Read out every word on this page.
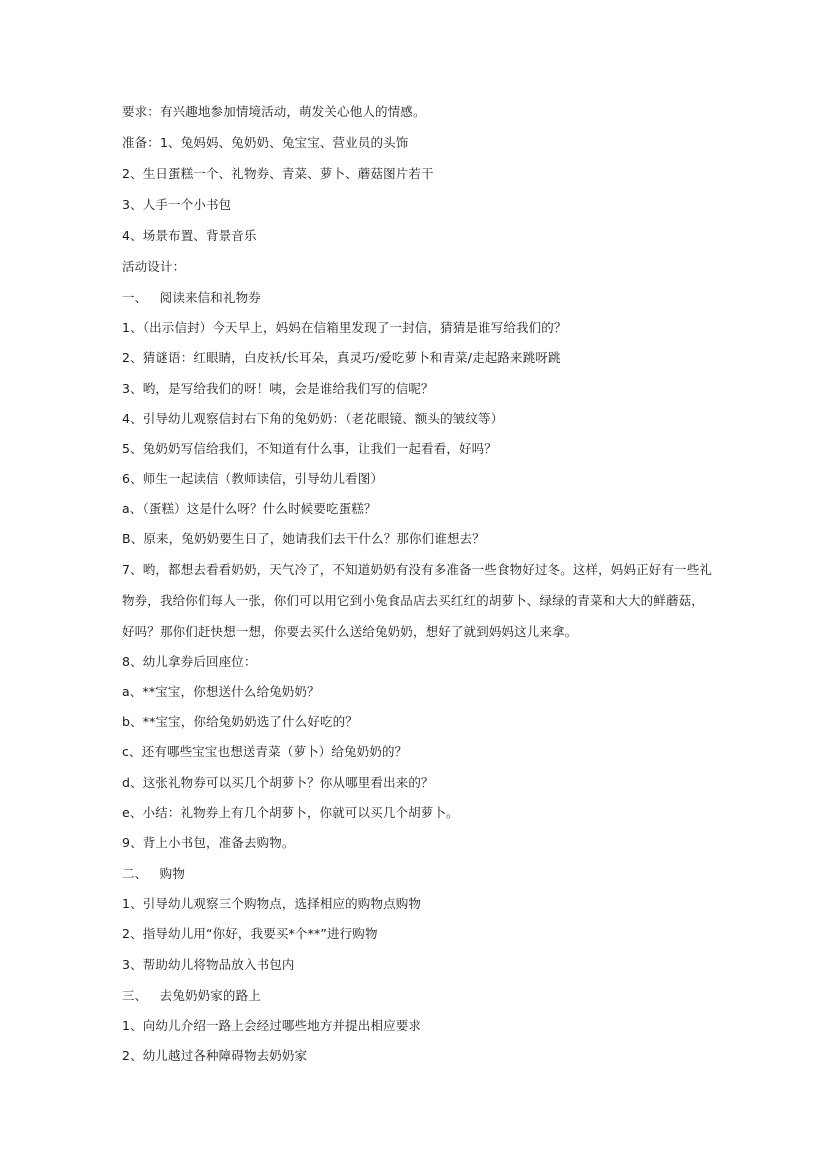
要求：有兴趣地参加情境活动，萌发关心他人的情感。
准备：1、兔妈妈、兔奶奶、兔宝宝、营业员的头饰
2、生日蛋糕一个、礼物券、青菜、萝卜、蘑菇图片若干
3、人手一个小书包
4、场景布置、背景音乐
活动设计：
一、   阅读来信和礼物券
1、（出示信封）今天早上，妈妈在信箱里发现了一封信，猜猜是谁写给我们的？
2、猜谜语：红眼睛，白皮袄/长耳朵，真灵巧/爱吃萝卜和青菜/走起路来跳呀跳
3、哟，是写给我们的呀！咦，会是谁给我们写的信呢？
4、引导幼儿观察信封右下角的兔奶奶：（老花眼镜、额头的皱纹等）
5、兔奶奶写信给我们，不知道有什么事，让我们一起看看，好吗？
6、师生一起读信（教师读信，引导幼儿看图）
a、（蛋糕）这是什么呀？什么时候要吃蛋糕？
B、原来，兔奶奶要生日了，她请我们去干什么？那你们谁想去？
7、哟，都想去看看奶奶，天气冷了，不知道奶奶有没有多准备一些食物好过冬。这样，妈妈正好有一些礼
物券，我给你们每人一张，你们可以用它到小兔食品店去买红红的胡萝卜、绿绿的青菜和大大的鲜蘑菇，
好吗？那你们赶快想一想，你要去买什么送给兔奶奶，想好了就到妈妈这儿来拿。
8、幼儿拿券后回座位：
a、**宝宝，你想送什么给兔奶奶？
b、**宝宝，你给兔奶奶选了什么好吃的？
c、还有哪些宝宝也想送青菜（萝卜）给兔奶奶的？
d、这张礼物券可以买几个胡萝卜？你从哪里看出来的？
e、小结：礼物券上有几个胡萝卜，你就可以买几个胡萝卜。
9、背上小书包，准备去购物。
二、   购物
1、引导幼儿观察三个购物点，选择相应的购物点购物
2、指导幼儿用“你好，我要买*个**”进行购物
3、帮助幼儿将物品放入书包内
三、   去兔奶奶家的路上
1、向幼儿介绍一路上会经过哪些地方并提出相应要求
2、幼儿越过各种障碍物去奶奶家
